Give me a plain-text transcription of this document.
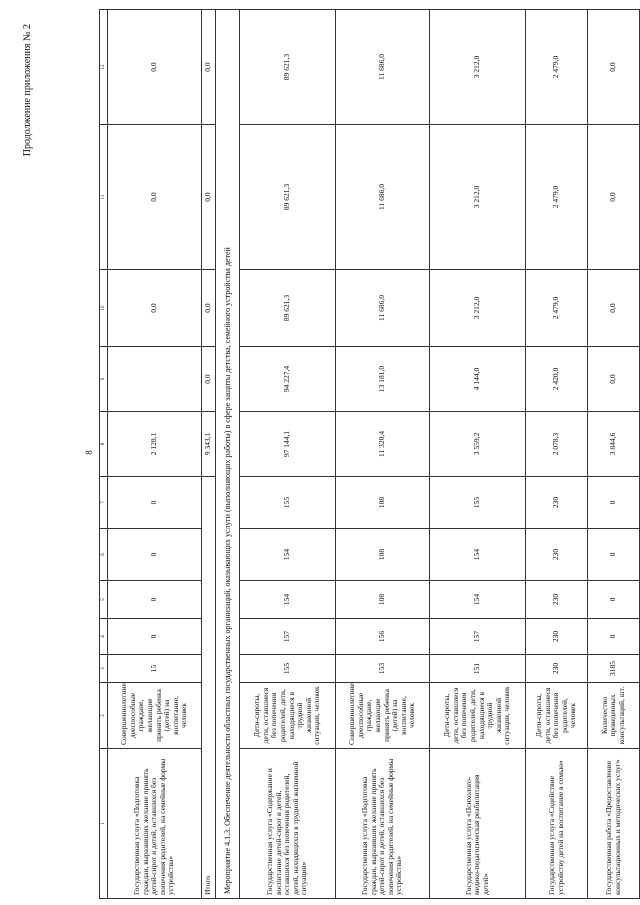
Продолжение приложения № 2
8
1	2	3	4	5	6	7	8	9	10	11	12
Государственная услуга «Подготовка граждан, выразивших желание принять детей-сирот и детей, оставшихся без попечения родителей, на семейные формы устройства»	Совершеннолетние дееспособные граждане, желающие принять ребенка (детей) на воспитание, человек	15	0	0	0	0	2 128,1		0,0	0,0	0,0
Итого							9 343,1	0,0	0,0	0,0	0,0
Мероприятие 4.1.3. Обеспечение деятельности областных государственных организаций, оказывающих услуги (выполняющих работы) в сфере защиты детства, семейного устройства детей											
Государственная услуга «Содержание и воспитание детей-сирот и детей, оставшихся без попечения родителей, детей, находящихся в трудной жизненной ситуации»	Дети-сироты, дети, оставшиеся без попечения родителей, дети, находящиеся в трудной жизненной ситуации, человек	155	157	154	154	155	97 144,1	94 227,4	89 621,3	89 621,3	89 621,3
Государственная услуга «Подготовка граждан, выразивших желание принять детей-сирот и детей, оставшихся без попечения родителей, на семейные формы устройства»	Совершеннолетние дееспособные граждане, желающие принять ребенка (детей) на воспитание, человек	153	156	108	108	108	11 320,4	13 181,0	11 686,0	11 686,0	11 686,0
Государственная услуга «Психолого-медико-педагогическая реабилитация детей»	Дети-сироты, дети, оставшиеся без попечения родителей, дети, находящиеся в трудной жизненной ситуации, человек	151	157	154	154	155	3 559,2	4 144,0	3 212,0	3 212,0	3 212,0
Государственная услуга «Содействие устройству детей на воспитание в семью»	Дети-сироты, дети, оставшиеся без попечения родителей, человек	230	230	230	230	230	2 078,3	2 420,0	2 479,0	2 479,0	2 479,0
Государственная работа «Предоставление консультационных и методических услуг»	Количество проведенных консультаций, шт.	3185	0	0	0	0	3 844,6	0,0	0,0	0,0	0,0
